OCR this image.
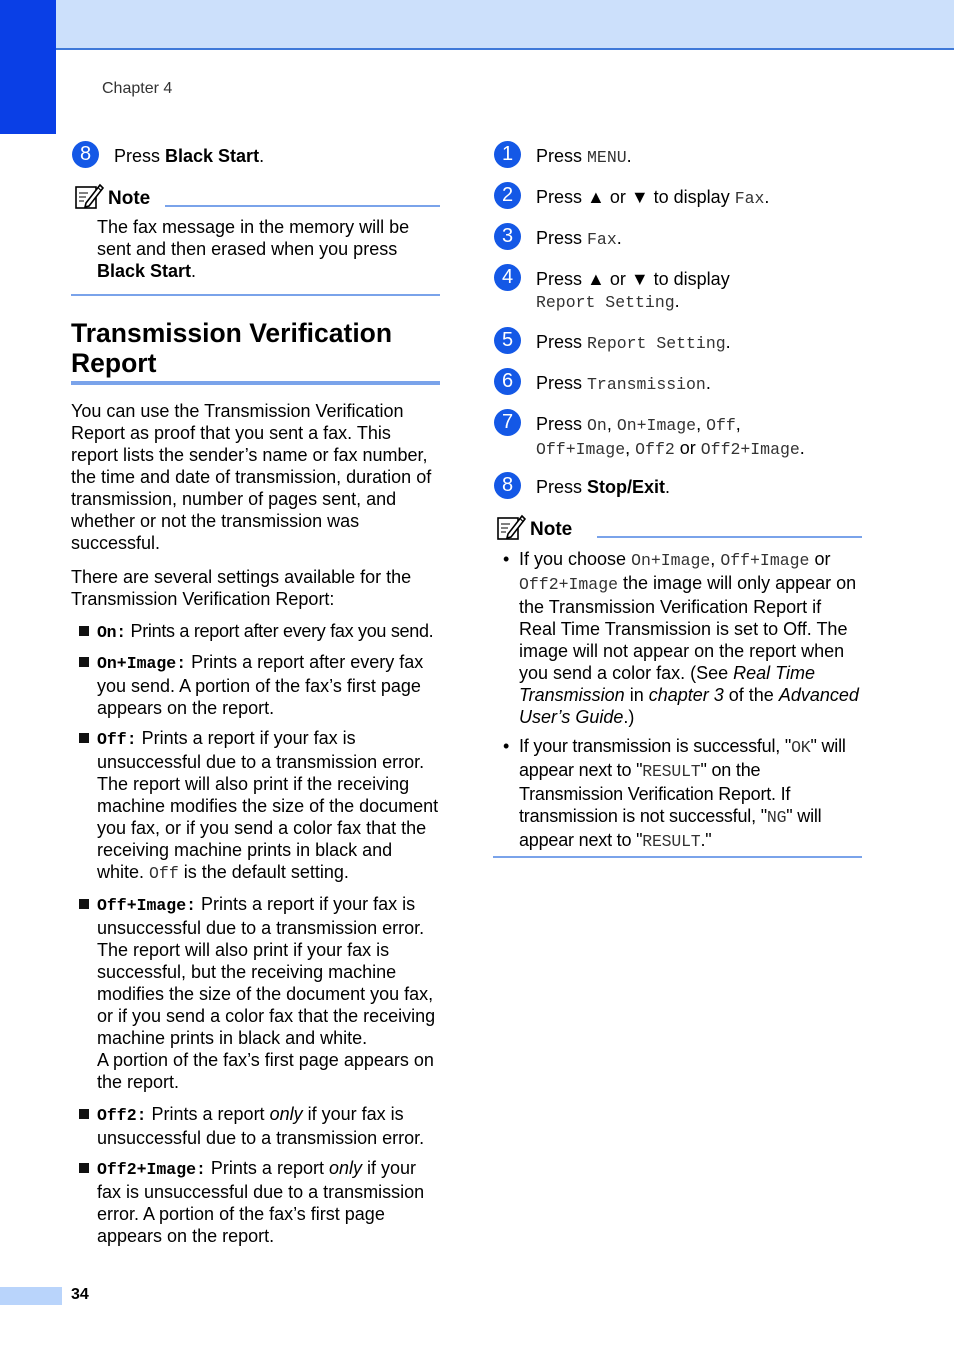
Chapter 4
8	Press Black Start.
Note
The fax message in the memory will be sent and then erased when you press Black Start.
Transmission Verification Report
You can use the Transmission Verification Report as proof that you sent a fax. This report lists the sender’s name or fax number, the time and date of transmission, duration of transmission, number of pages sent, and whether or not the transmission was successful.
There are several settings available for the Transmission Verification Report:
On: Prints a report after every fax you send.
On+Image: Prints a report after every fax you send. A portion of the fax’s first page appears on the report.
Off: Prints a report if your fax is unsuccessful due to a transmission error. The report will also print if the receiving machine modifies the size of the document you fax, or if you send a color fax that the receiving machine prints in black and white. Off is the default setting.
Off+Image: Prints a report if your fax is unsuccessful due to a transmission error. The report will also print if your fax is successful, but the receiving machine modifies the size of the document you fax, or if you send a color fax that the receiving machine prints in black and white.
A portion of the fax’s first page appears on the report.
Off2: Prints a report only if your fax is unsuccessful due to a transmission error.
Off2+Image: Prints a report only if your fax is unsuccessful due to a transmission error. A portion of the fax’s first page appears on the report.
1	Press MENU.
2	Press ▲ or ▼ to display Fax.
3	Press Fax.
4	Press ▲ or ▼ to display
Report Setting.
5	Press Report Setting.
6	Press Transmission.
7	Press On, On+Image, Off,
Off+Image, Off2 or Off2+Image.
8	Press Stop/Exit.
Note
• If you choose On+Image, Off+Image or Off2+Image the image will only appear on the Transmission Verification Report if Real Time Transmission is set to Off. The image will not appear on the report when you send a color fax. (See Real Time Transmission in chapter 3 of the Advanced User’s Guide.)
• If your transmission is successful, "OK" will appear next to "RESULT" on the Transmission Verification Report. If transmission is not successful, "NG" will appear next to "RESULT."
34
